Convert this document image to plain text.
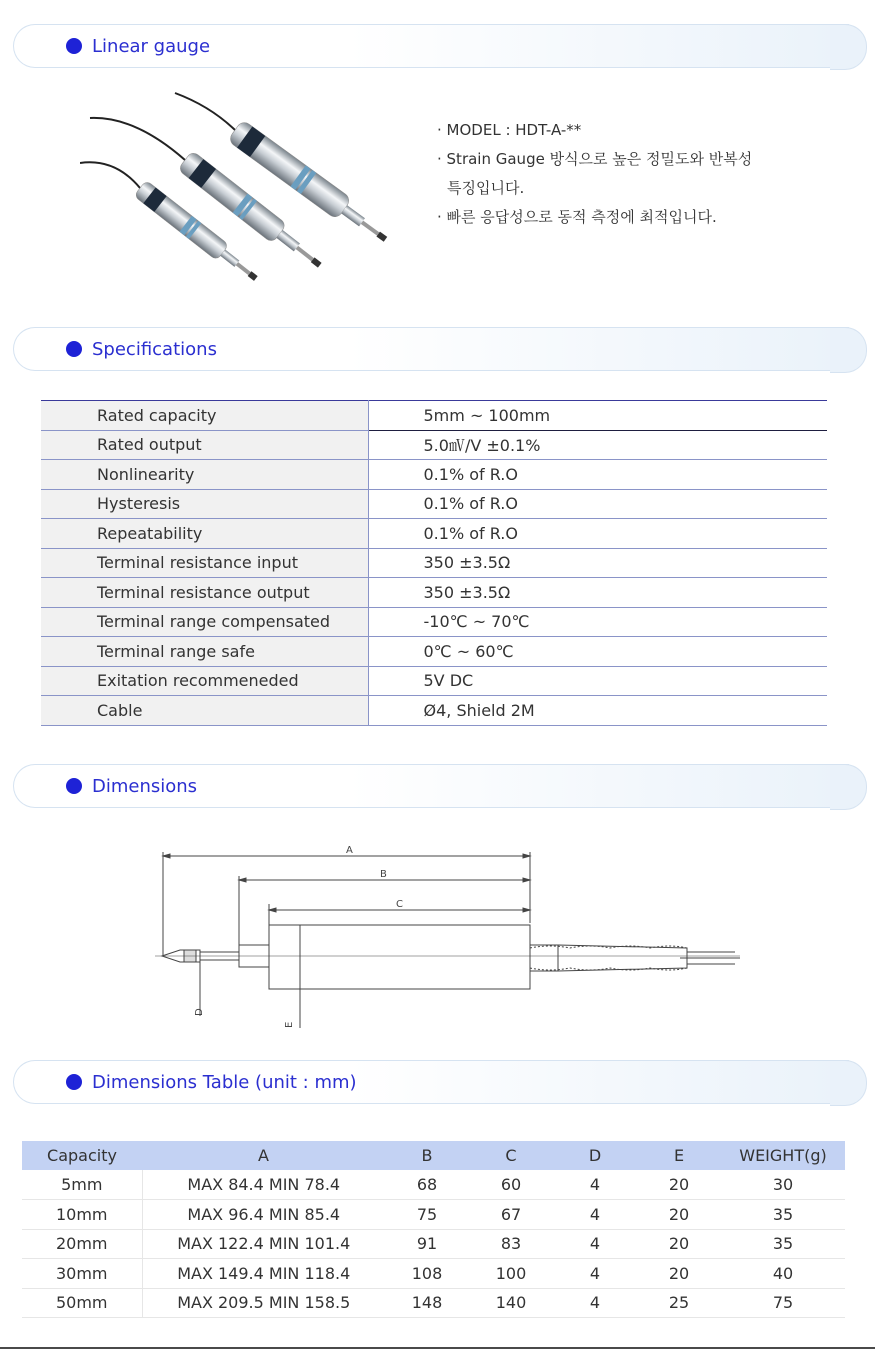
Linear gauge
· MODEL : HDT-A-**
· Strain Gauge 방식으로 높은 정밀도와 반복성
특징입니다.
· 빠른 응답성으로 동적 측정에 최적입니다.
Specifications
Rated capacity	5mm ~ 100mm
Rated output	5.0㎷/V ±0.1%
Nonlinearity	0.1% of R.O
Hysteresis	0.1% of R.O
Repeatability	0.1% of R.O
Terminal resistance input	350 ±3.5Ω
Terminal resistance output	350 ±3.5Ω
Terminal range compensated	-10℃ ~ 70℃
Terminal range safe	0℃ ~ 60℃
Exitation recommeneded	5V DC
Cable	Ø4, Shield 2M
Dimensions
A
B
C
D
E
Dimensions Table (unit : mm)
Capacity	A	B	C	D	E	WEIGHT(g)
5mm	MAX 84.4 MIN 78.4	68	60	4	20	30
10mm	MAX 96.4 MIN 85.4	75	67	4	20	35
20mm	MAX 122.4 MIN 101.4	91	83	4	20	35
30mm	MAX 149.4 MIN 118.4	108	100	4	20	40
50mm	MAX 209.5 MIN 158.5	148	140	4	25	75
